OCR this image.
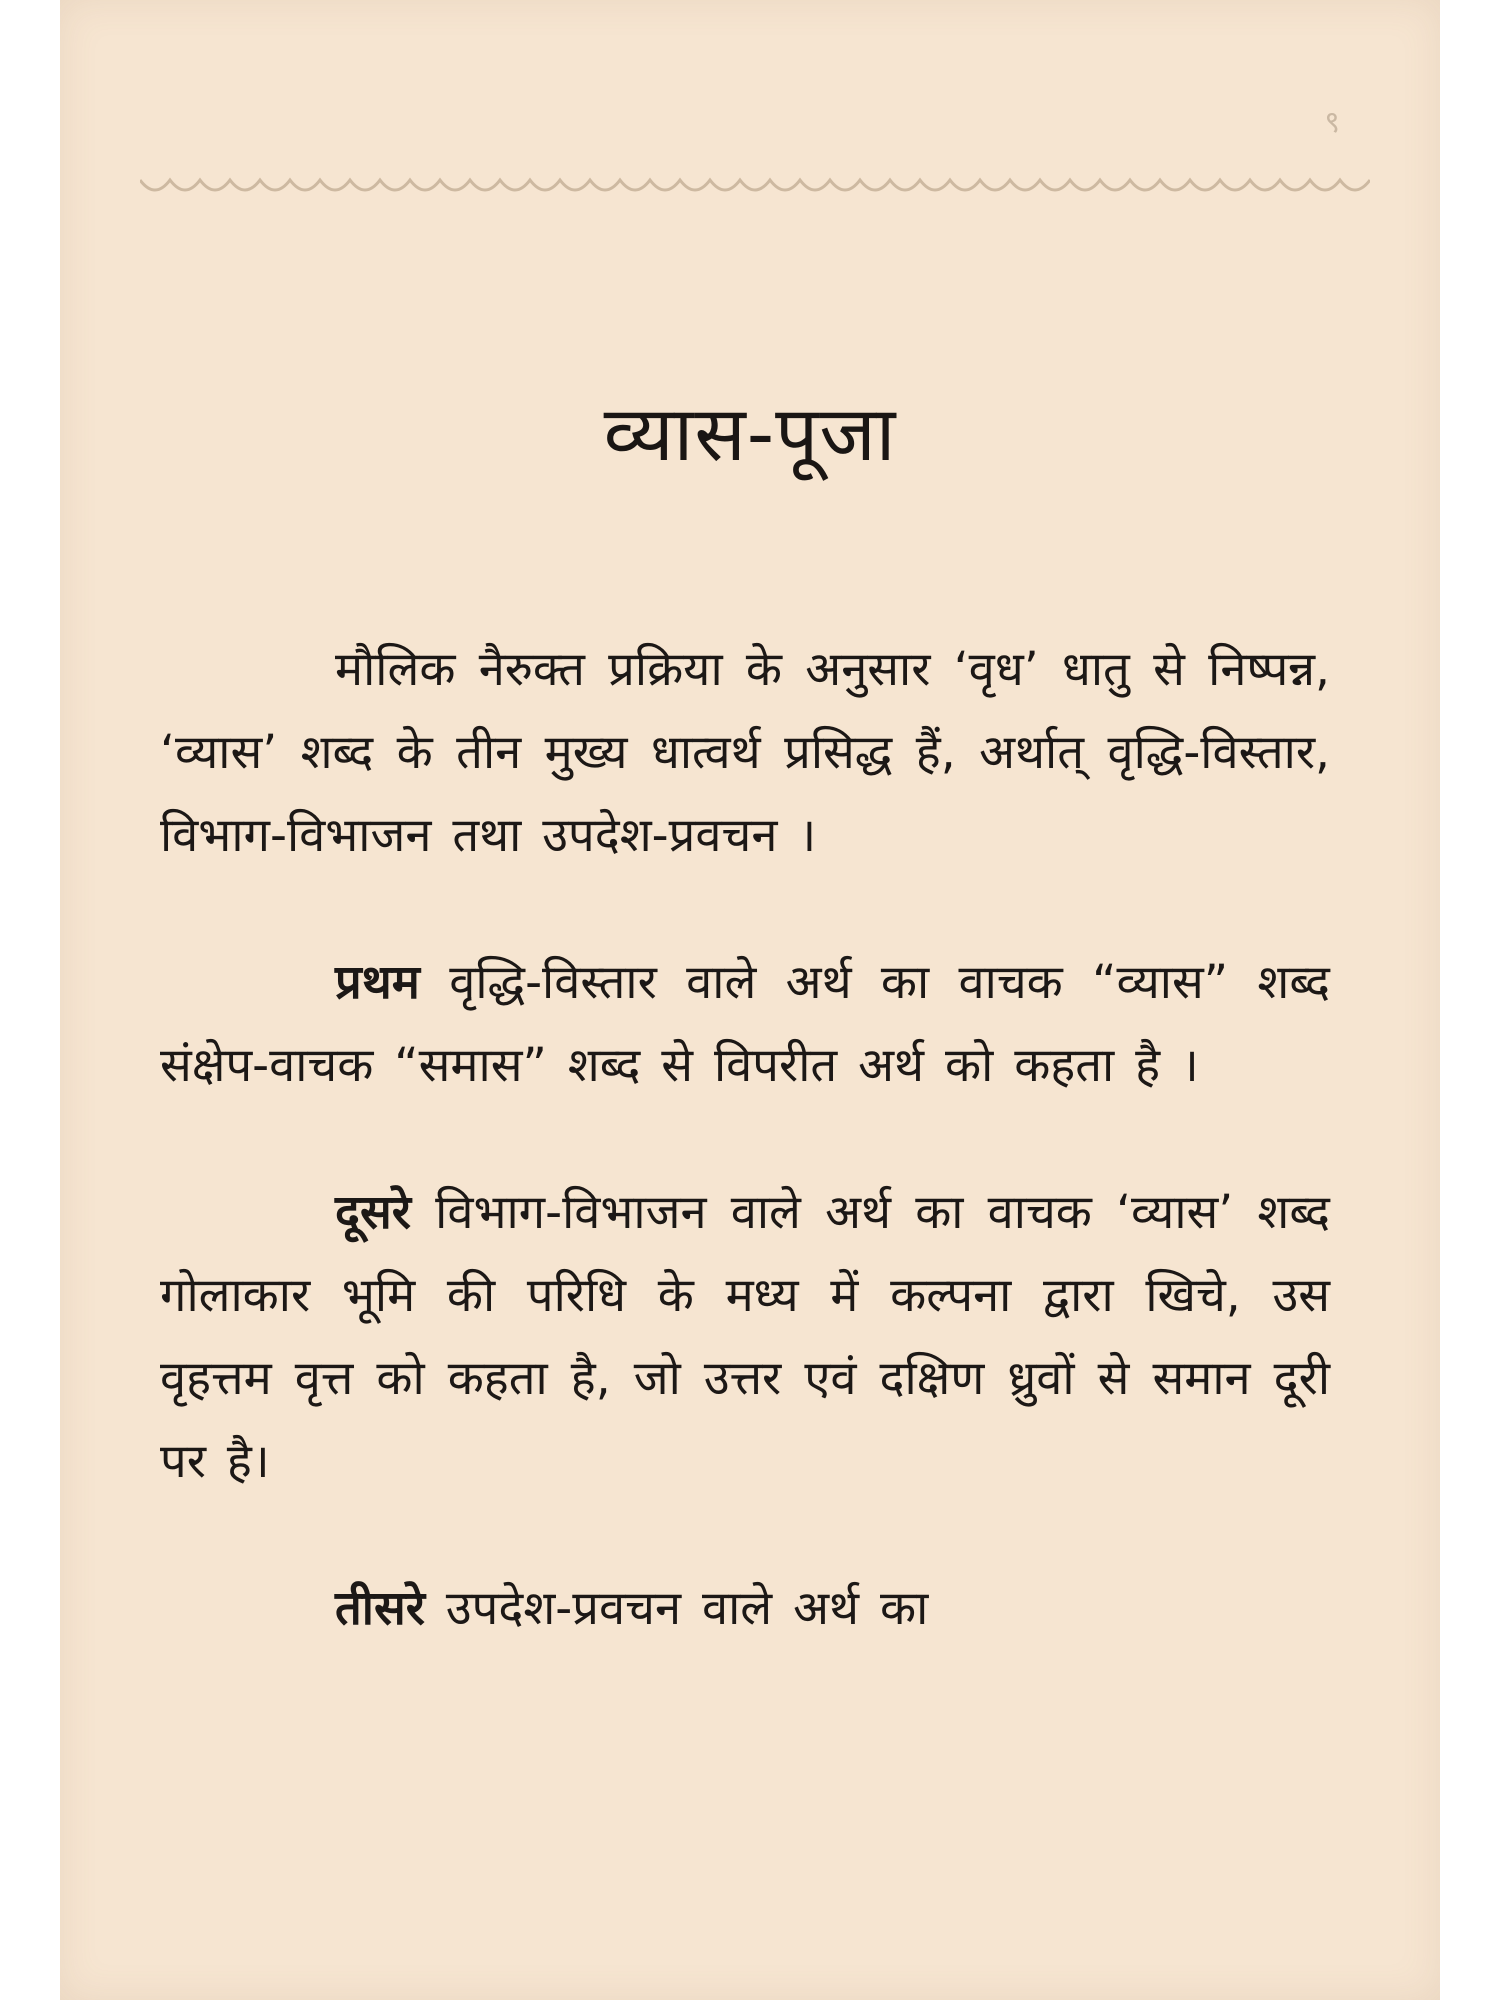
९
व्यास-पूजा

मौलिक नैरुक्त प्रक्रिया के अनुसार ‘वृध’ धातु से निष्पन्न, ‘व्यास’ शब्द के तीन मुख्य धात्वर्थ प्रसिद्ध हैं, अर्थात् वृद्धि-विस्तार, विभाग-विभाजन तथा उपदेश-प्रवचन ।

प्रथम वृद्धि-विस्तार वाले अर्थ का वाचक “व्यास” शब्द संक्षेप-वाचक “समास” शब्द से विपरीत अर्थ को कहता है ।

दूसरे विभाग-विभाजन वाले अर्थ का वाचक ‘व्यास’ शब्द गोलाकार भूमि की परिधि के मध्य में कल्पना द्वारा खिचे, उस वृहत्तम वृत्त को कहता है, जो उत्तर एवं दक्षिण ध्रुवों से समान दूरी पर है।

तीसरे उपदेश-प्रवचन वाले अर्थ का
